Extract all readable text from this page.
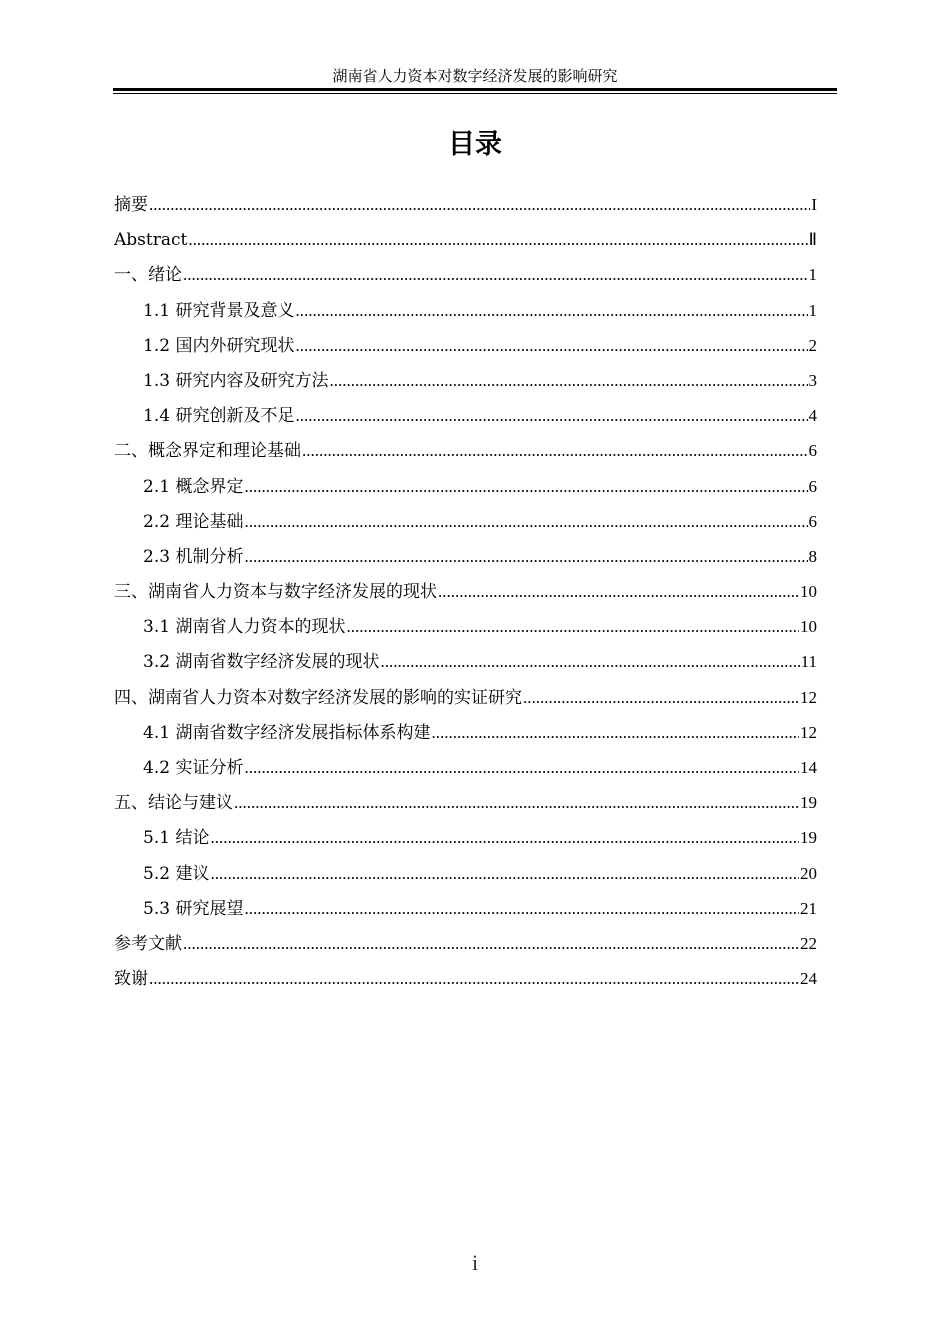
湖南省人力资本对数字经济发展的影响研究
目录
摘要 .....	I
Abstract .....	Ⅱ
一、绪论 .....	1
1.1 研究背景及意义 .....	1
1.2 国内外研究现状 .....	2
1.3 研究内容及研究方法 .....	3
1.4 研究创新及不足 .....	4
二、概念界定和理论基础 .....	6
2.1 概念界定 .....	6
2.2 理论基础 .....	6
2.3 机制分析 .....	8
三、湖南省人力资本与数字经济发展的现状 .....	10
3.1 湖南省人力资本的现状 .....	10
3.2 湖南省数字经济发展的现状 .....	11
四、湖南省人力资本对数字经济发展的影响的实证研究 .....	12
4.1 湖南省数字经济发展指标体系构建 .....	12
4.2 实证分析 .....	14
五、结论与建议 .....	19
5.1 结论 .....	19
5.2 建议 .....	20
5.3 研究展望 .....	21
参考文献 .....	22
致谢 .....	24
i
